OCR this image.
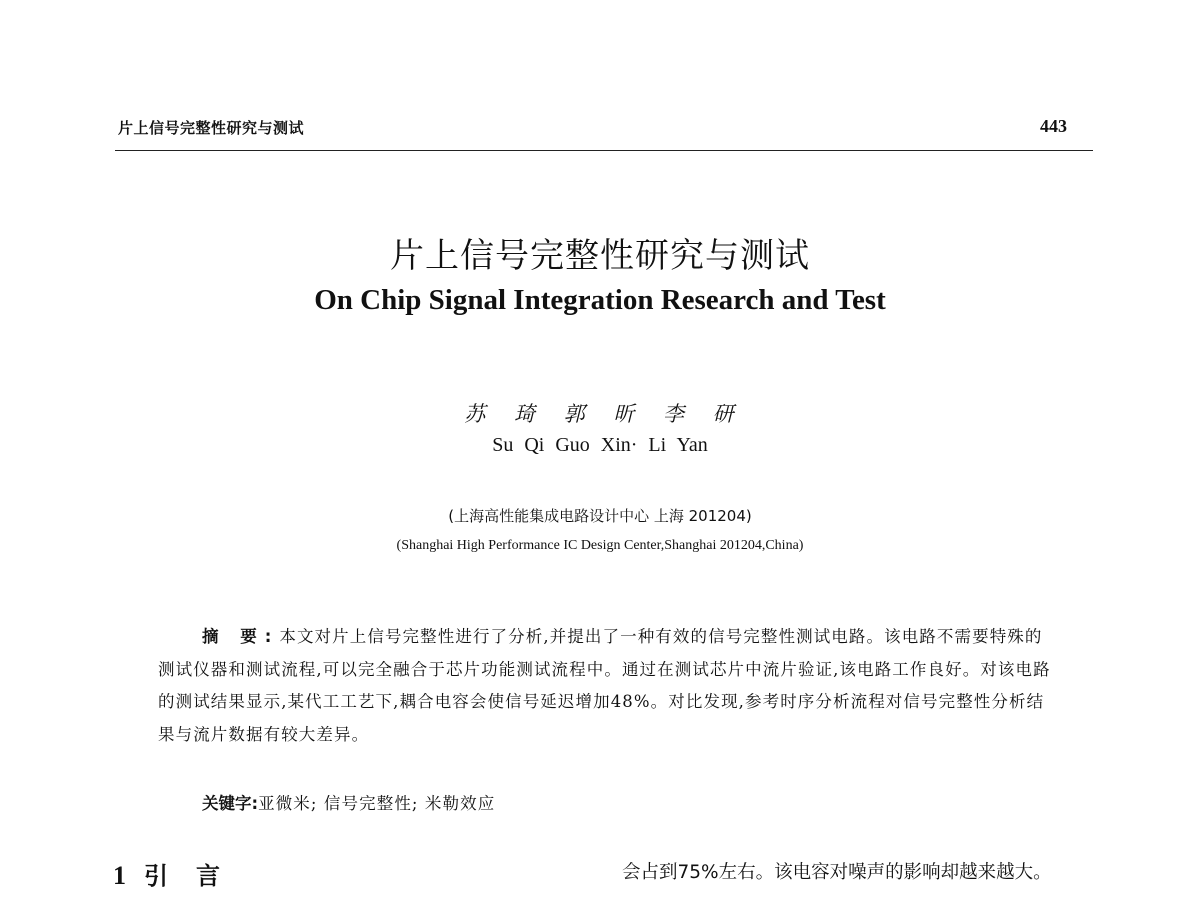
片上信号完整性研究与测试	443
片上信号完整性研究与测试
On Chip Signal Integration Research and Test
苏 琦 郭 昕 李 研
Su Qi Guo Xin· Li Yan
(上海高性能集成电路设计中心 上海 201204)
(Shanghai High Performance IC Design Center,Shanghai 201204,China)
摘 要:本文对片上信号完整性进行了分析,并提出了一种有效的信号完整性测试电路。该电路不需要特殊的测试仪器和测试流程,可以完全融合于芯片功能测试流程中。通过在测试芯片中流片验证,该电路工作良好。对该电路的测试结果显示,某代工工艺下,耦合电容会使信号延迟增加48%。对比发现,参考时序分析流程对信号完整性分析结果与流片数据有较大差异。
关键字:亚微米; 信号完整性; 米勒效应
1 引言	会占到75%左右。该电容对噪声的影响却越来越大。
